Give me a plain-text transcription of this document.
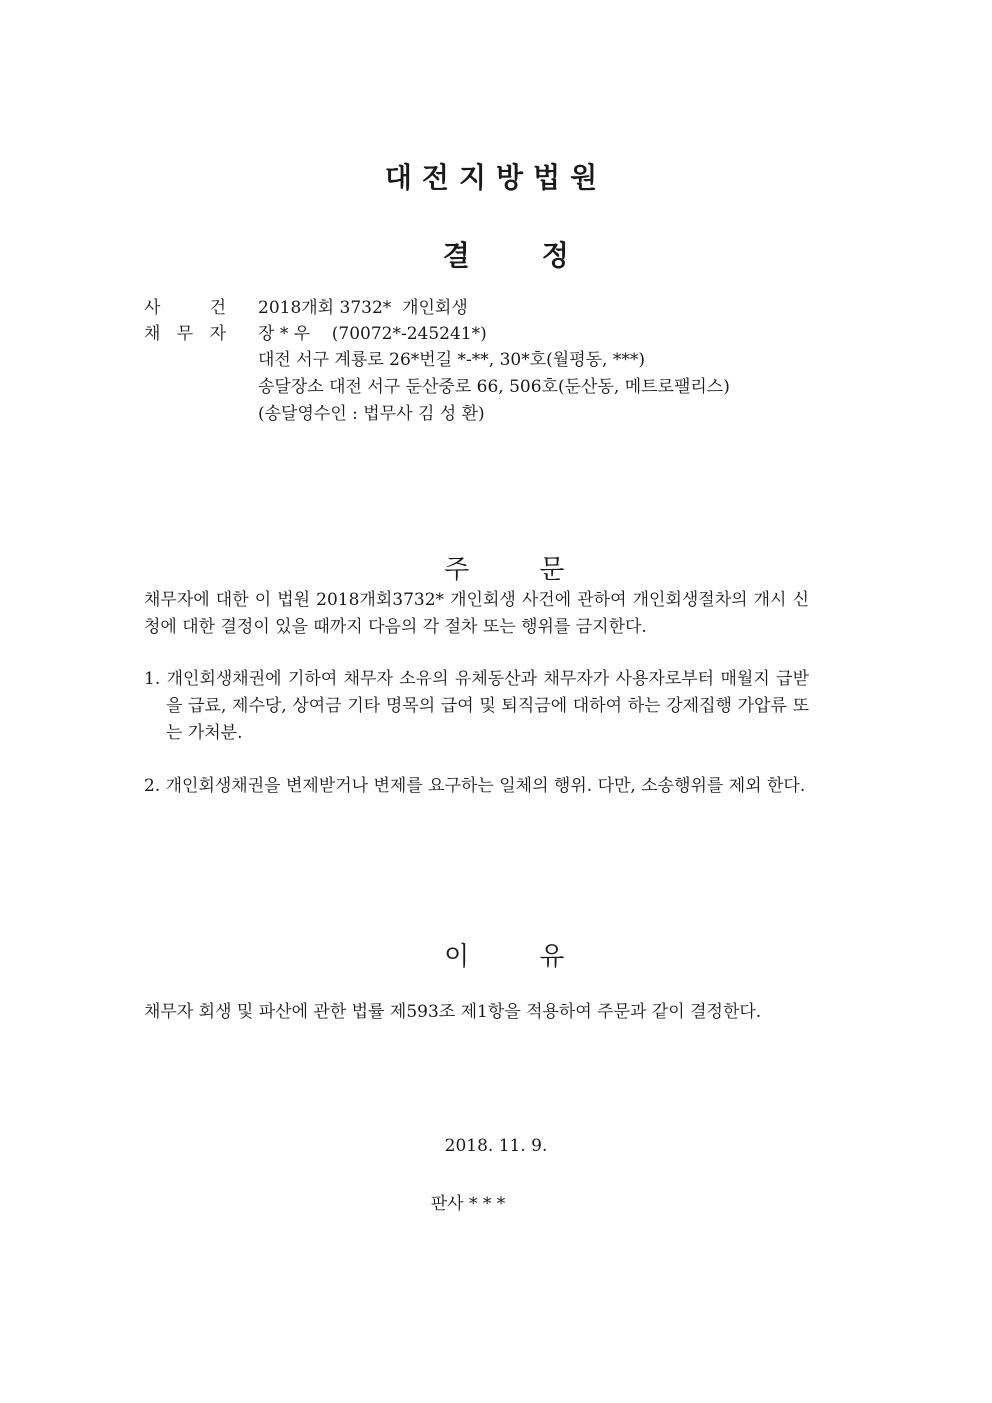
대전지방법원

결	정

사	건 2018개회 3732*  개인회생
채 무 자 장 * 우    (70072*-245241*)
대전 서구 계룡로 26*번길 *-**, 30*호(월평동, ***)
송달장소 대전 서구 둔산중로 66, 506호(둔산동, 메트로팰리스)
(송달영수인 : 법무사 김 성 환)

주	문

채무자에 대한 이 법원 2018개회3732* 개인회생 사건에 관하여 개인회생절차의 개시 신청에 대한 결정이 있을 때까지 다음의 각 절차 또는 행위를 금지한다.
1. 개인회생채권에 기하여 채무자 소유의 유체동산과 채무자가 사용자로부터 매월지 급받을 급료, 제수당, 상여금 기타 명목의 급여 및 퇴직금에 대하여 하는 강제집행 가압류 또는 가처분.
2. 개인회생채권을 변제받거나 변제를 요구하는 일체의 행위. 다만, 소송행위를 제외 한다.

이	유

채무자 회생 및 파산에 관한 법률 제593조 제1항을 적용하여 주문과 같이 결정한다.
2018. 11. 9.
판사 * * *
